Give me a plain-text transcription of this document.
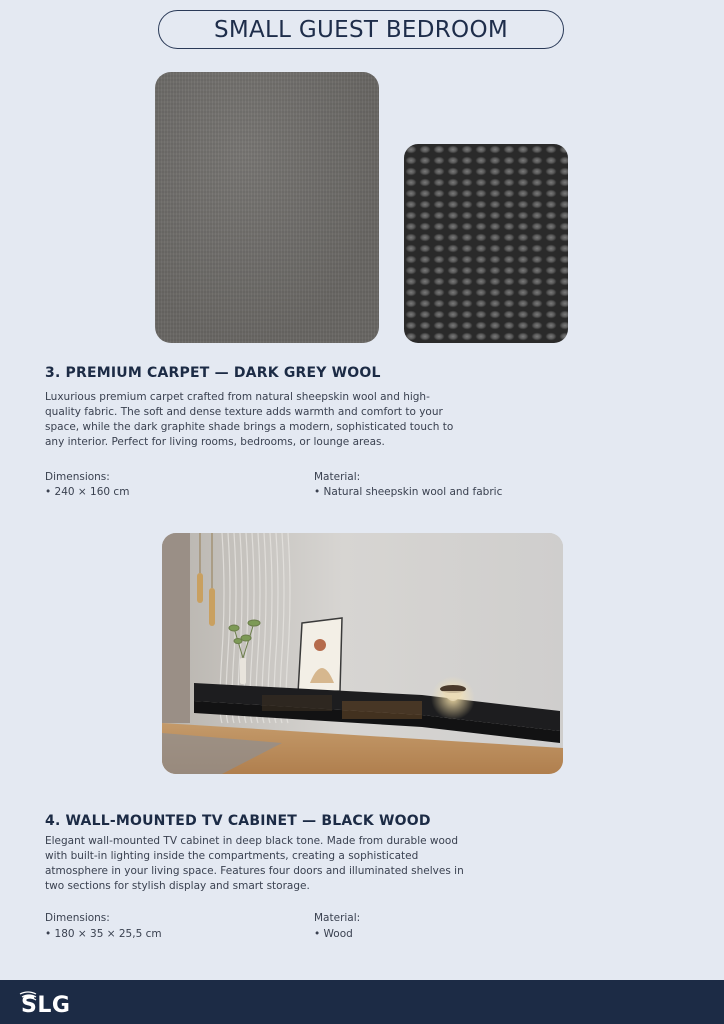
SMALL GUEST BEDROOM
3. PREMIUM CARPET — DARK GREY WOOL

Luxurious premium carpet crafted from natural sheepskin wool and high-quality fabric. The soft and dense texture adds warmth and comfort to your space, while the dark graphite shade brings a modern, sophisticated touch to any interior. Perfect for living rooms, bedrooms, or lounge areas.

Dimensions:
• 240 × 160 cm
Material:
• Natural sheepskin wool and fabric
4. WALL-MOUNTED TV CABINET — BLACK WOOD

Elegant wall-mounted TV cabinet in deep black tone. Made from durable wood with built-in lighting inside the compartments, creating a sophisticated atmosphere in your living space. Features four doors and illuminated shelves in two sections for stylish display and smart storage.

Dimensions:
• 180 × 35 × 25,5 cm
Material:
• Wood
SLG
